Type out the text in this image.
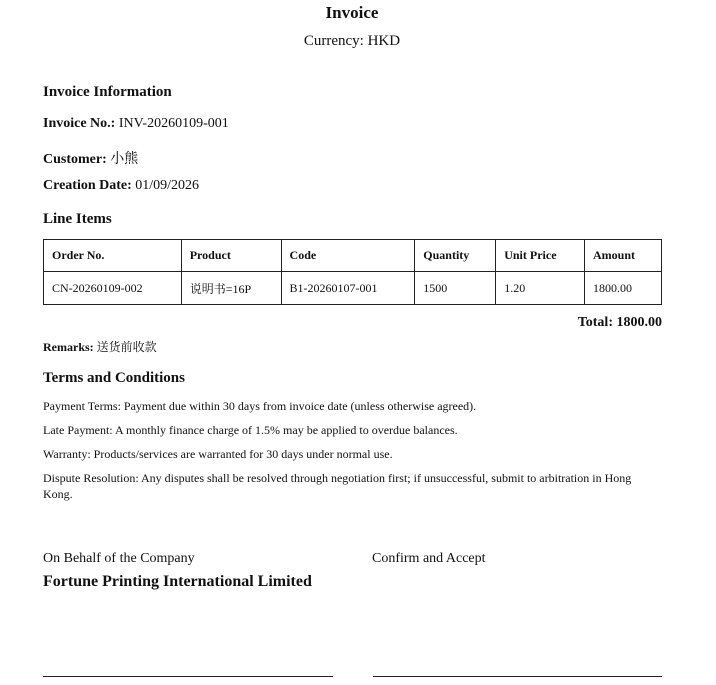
Invoice
Currency: HKD
Invoice Information
Invoice No.: INV-20260109-001
Customer: 小熊
Creation Date: 01/09/2026
Line Items
Order No.	Product	Code	Quantity	Unit Price	Amount
CN-20260109-002	说明书=16P	B1-20260107-001	1500	1.20	1800.00
Total: 1800.00
Remarks: 送货前收款
Terms and Conditions
Payment Terms: Payment due within 30 days from invoice date (unless otherwise agreed).
Late Payment: A monthly finance charge of 1.5% may be applied to overdue balances.
Warranty: Products/services are warranted for 30 days under normal use.
Dispute Resolution: Any disputes shall be resolved through negotiation first; if unsuccessful, submit to arbitration in Hong Kong.
On Behalf of the Company	Confirm and Accept
Fortune Printing International Limited
